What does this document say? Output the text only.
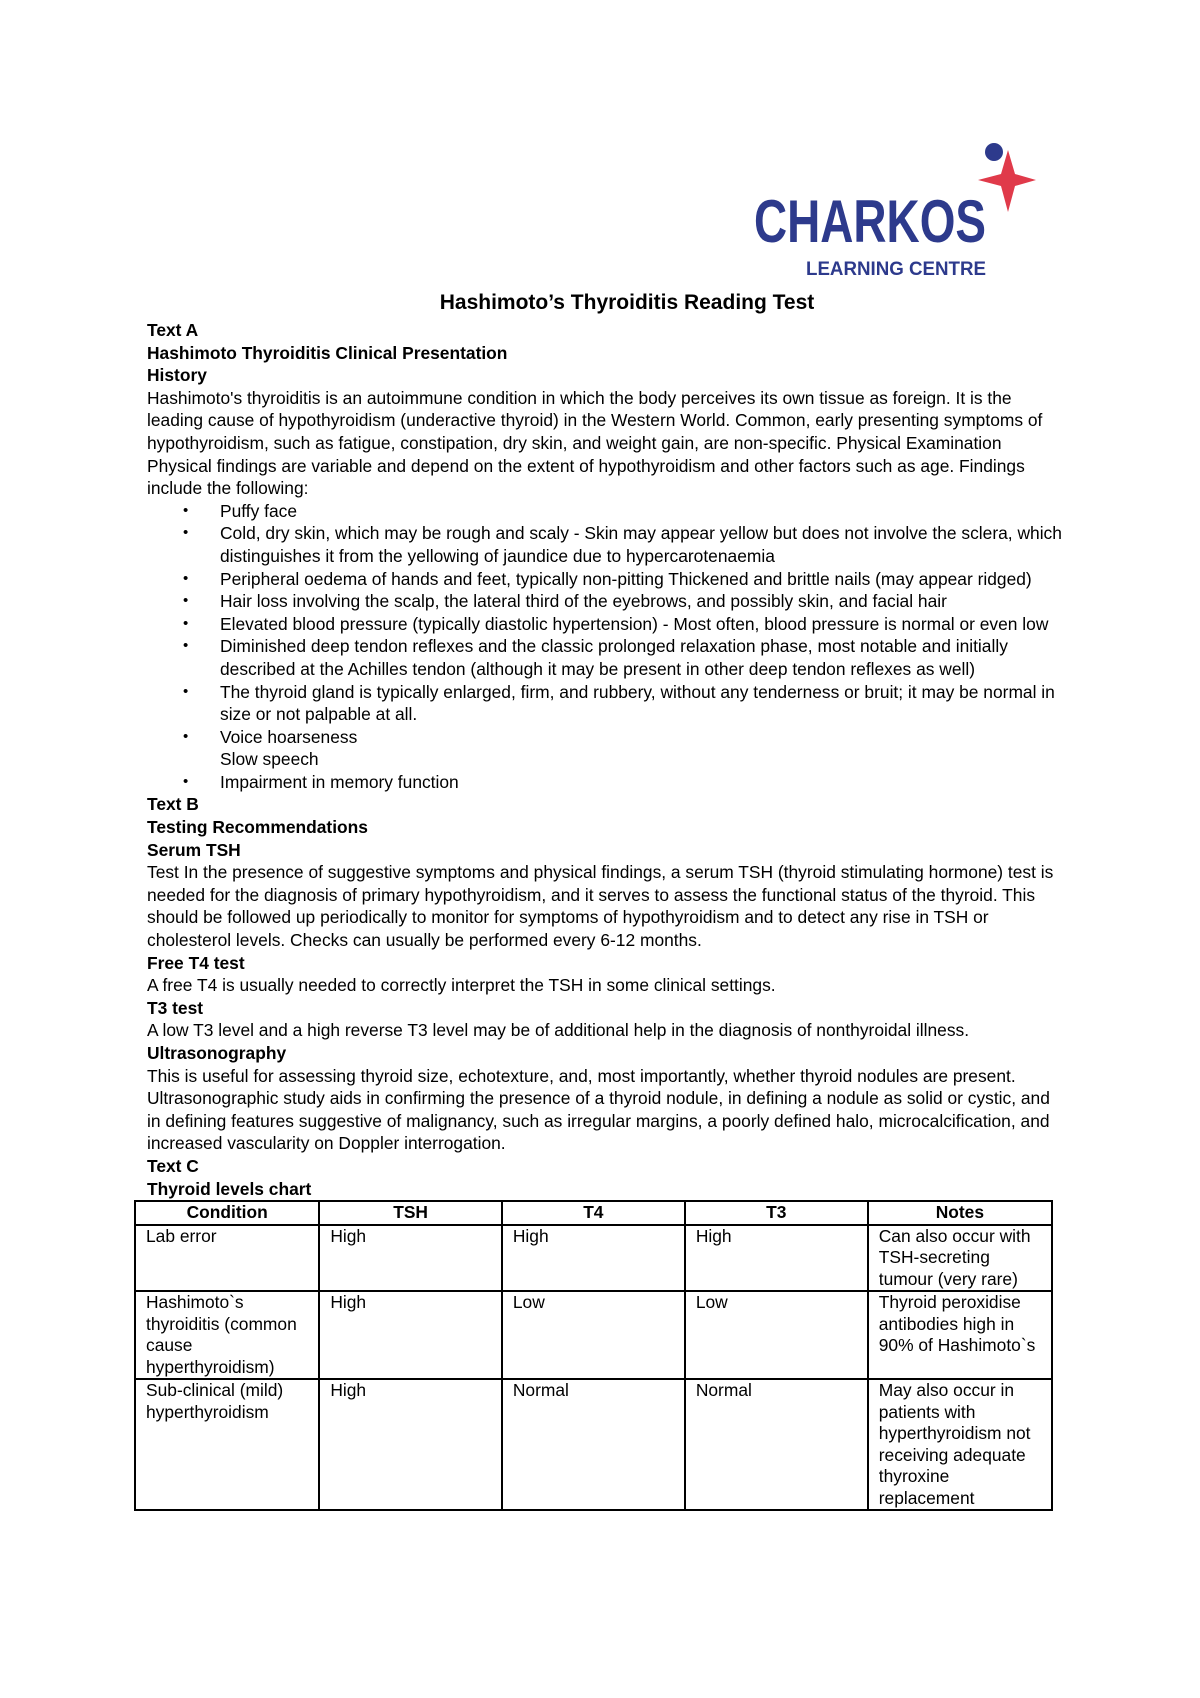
CHARKOS
LEARNING CENTRE
Hashimoto’s Thyroiditis Reading Test

Text A

Hashimoto Thyroiditis Clinical Presentation

History

Hashimoto's thyroiditis is an autoimmune condition in which the body perceives its own tissue as foreign. It is the leading cause of hypothyroidism (underactive thyroid) in the Western World. Common, early presenting symptoms of hypothyroidism, such as fatigue, constipation, dry skin, and weight gain, are non-specific. Physical Examination Physical findings are variable and depend on the extent of hypothyroidism and other factors such as age. Findings include the following:

• Puffy face
• Cold, dry skin, which may be rough and scaly - Skin may appear yellow but does not involve the sclera, which distinguishes it from the yellowing of jaundice due to hypercarotenaemia
• Peripheral oedema of hands and feet, typically non-pitting Thickened and brittle nails (may appear ridged)
• Hair loss involving the scalp, the lateral third of the eyebrows, and possibly skin, and facial hair
• Elevated blood pressure (typically diastolic hypertension) - Most often, blood pressure is normal or even low
• Diminished deep tendon reflexes and the classic prolonged relaxation phase, most notable and initially described at the Achilles tendon (although it may be present in other deep tendon reflexes as well)
• The thyroid gland is typically enlarged, firm, and rubbery, without any tenderness or bruit; it may be normal in size or not palpable at all.
• Voice hoarseness
Slow speech
• Impairment in memory function

Text B

Testing Recommendations

Serum TSH

Test In the presence of suggestive symptoms and physical findings, a serum TSH (thyroid stimulating hormone) test is needed for the diagnosis of primary hypothyroidism, and it serves to assess the functional status of the thyroid. This should be followed up periodically to monitor for symptoms of hypothyroidism and to detect any rise in TSH or cholesterol levels. Checks can usually be performed every 6-12 months.

Free T4 test

A free T4 is usually needed to correctly interpret the TSH in some clinical settings.

T3 test

A low T3 level and a high reverse T3 level may be of additional help in the diagnosis of nonthyroidal illness.

Ultrasonography

This is useful for assessing thyroid size, echotexture, and, most importantly, whether thyroid nodules are present. Ultrasonographic study aids in confirming the presence of a thyroid nodule, in defining a nodule as solid or cystic, and in defining features suggestive of malignancy, such as irregular margins, a poorly defined halo, microcalcification, and increased vascularity on Doppler interrogation.

Text C

Thyroid levels chart

Condition	TSH	T4	T3	Notes
Lab error	High	High	High	Can also occur with TSH-secreting tumour (very rare)
Hashimoto`s thyroiditis (common cause hyperthyroidism)	High	Low	Low	Thyroid peroxidise antibodies high in 90% of Hashimoto`s
Sub-clinical (mild) hyperthyroidism	High	Normal	Normal	May also occur in patients with hyperthyroidism not receiving adequate thyroxine replacement
